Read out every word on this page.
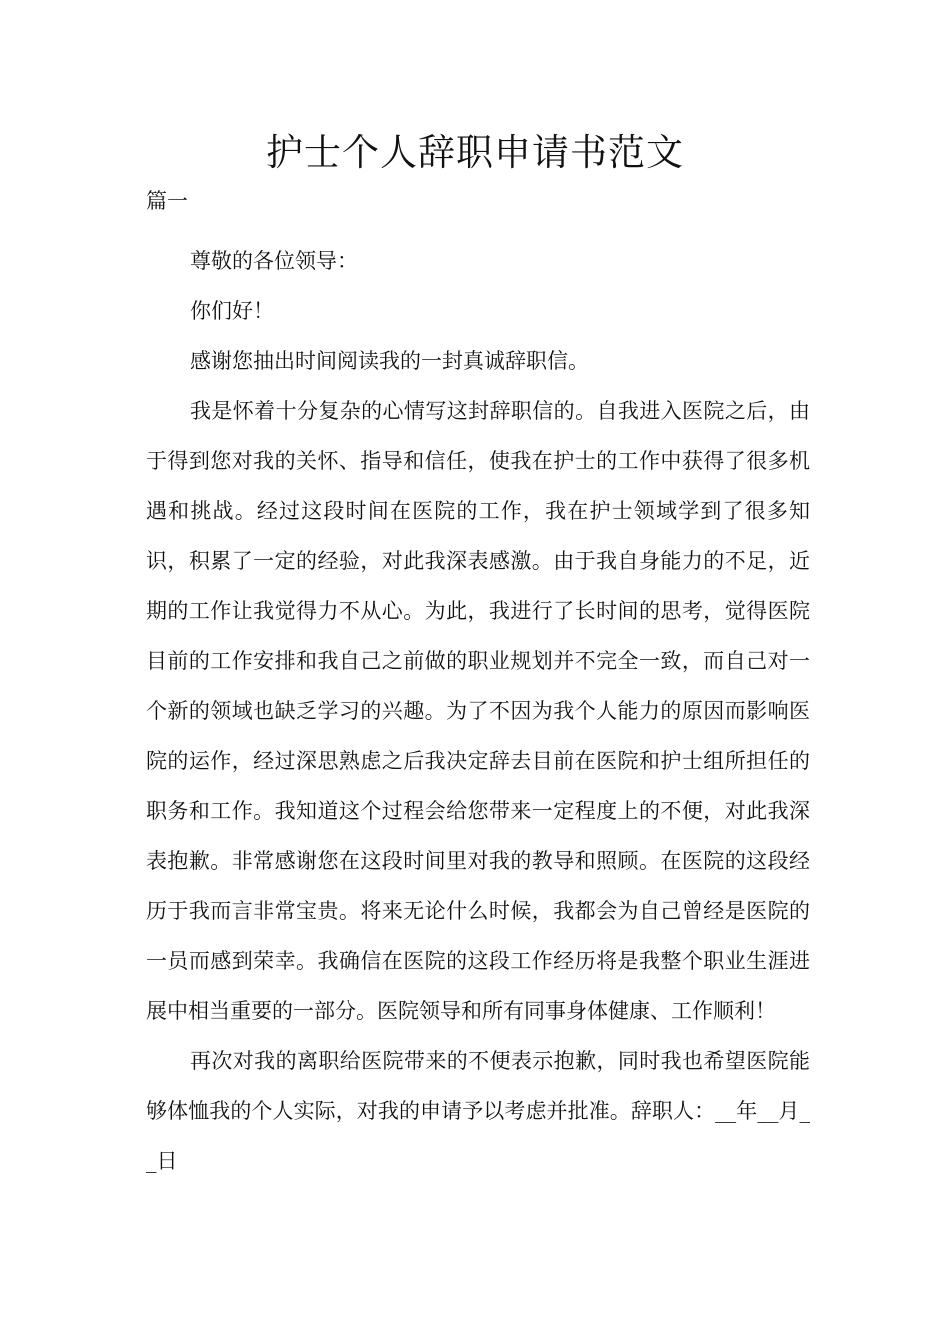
护士个人辞职申请书范文
篇一

尊敬的各位领导：

你们好！

感谢您抽出时间阅读我的一封真诚辞职信。

我是怀着十分复杂的心情写这封辞职信的。自我进入医院之后，由于得到您对我的关怀、指导和信任，使我在护士的工作中获得了很多机遇和挑战。经过这段时间在医院的工作，我在护士领域学到了很多知识，积累了一定的经验，对此我深表感激。由于我自身能力的不足，近期的工作让我觉得力不从心。为此，我进行了长时间的思考，觉得医院目前的工作安排和我自己之前做的职业规划并不完全一致，而自己对一个新的领域也缺乏学习的兴趣。为了不因为我个人能力的原因而影响医院的运作，经过深思熟虑之后我决定辞去目前在医院和护士组所担任的职务和工作。我知道这个过程会给您带来一定程度上的不便，对此我深表抱歉。非常感谢您在这段时间里对我的教导和照顾。在医院的这段经历于我而言非常宝贵。将来无论什么时候，我都会为自己曾经是医院的一员而感到荣幸。我确信在医院的这段工作经历将是我整个职业生涯进展中相当重要的一部分。医院领导和所有同事身体健康、工作顺利！

再次对我的离职给医院带来的不便表示抱歉，同时我也希望医院能够体恤我的个人实际，对我的申请予以考虑并批准。辞职人：__年__月__日
